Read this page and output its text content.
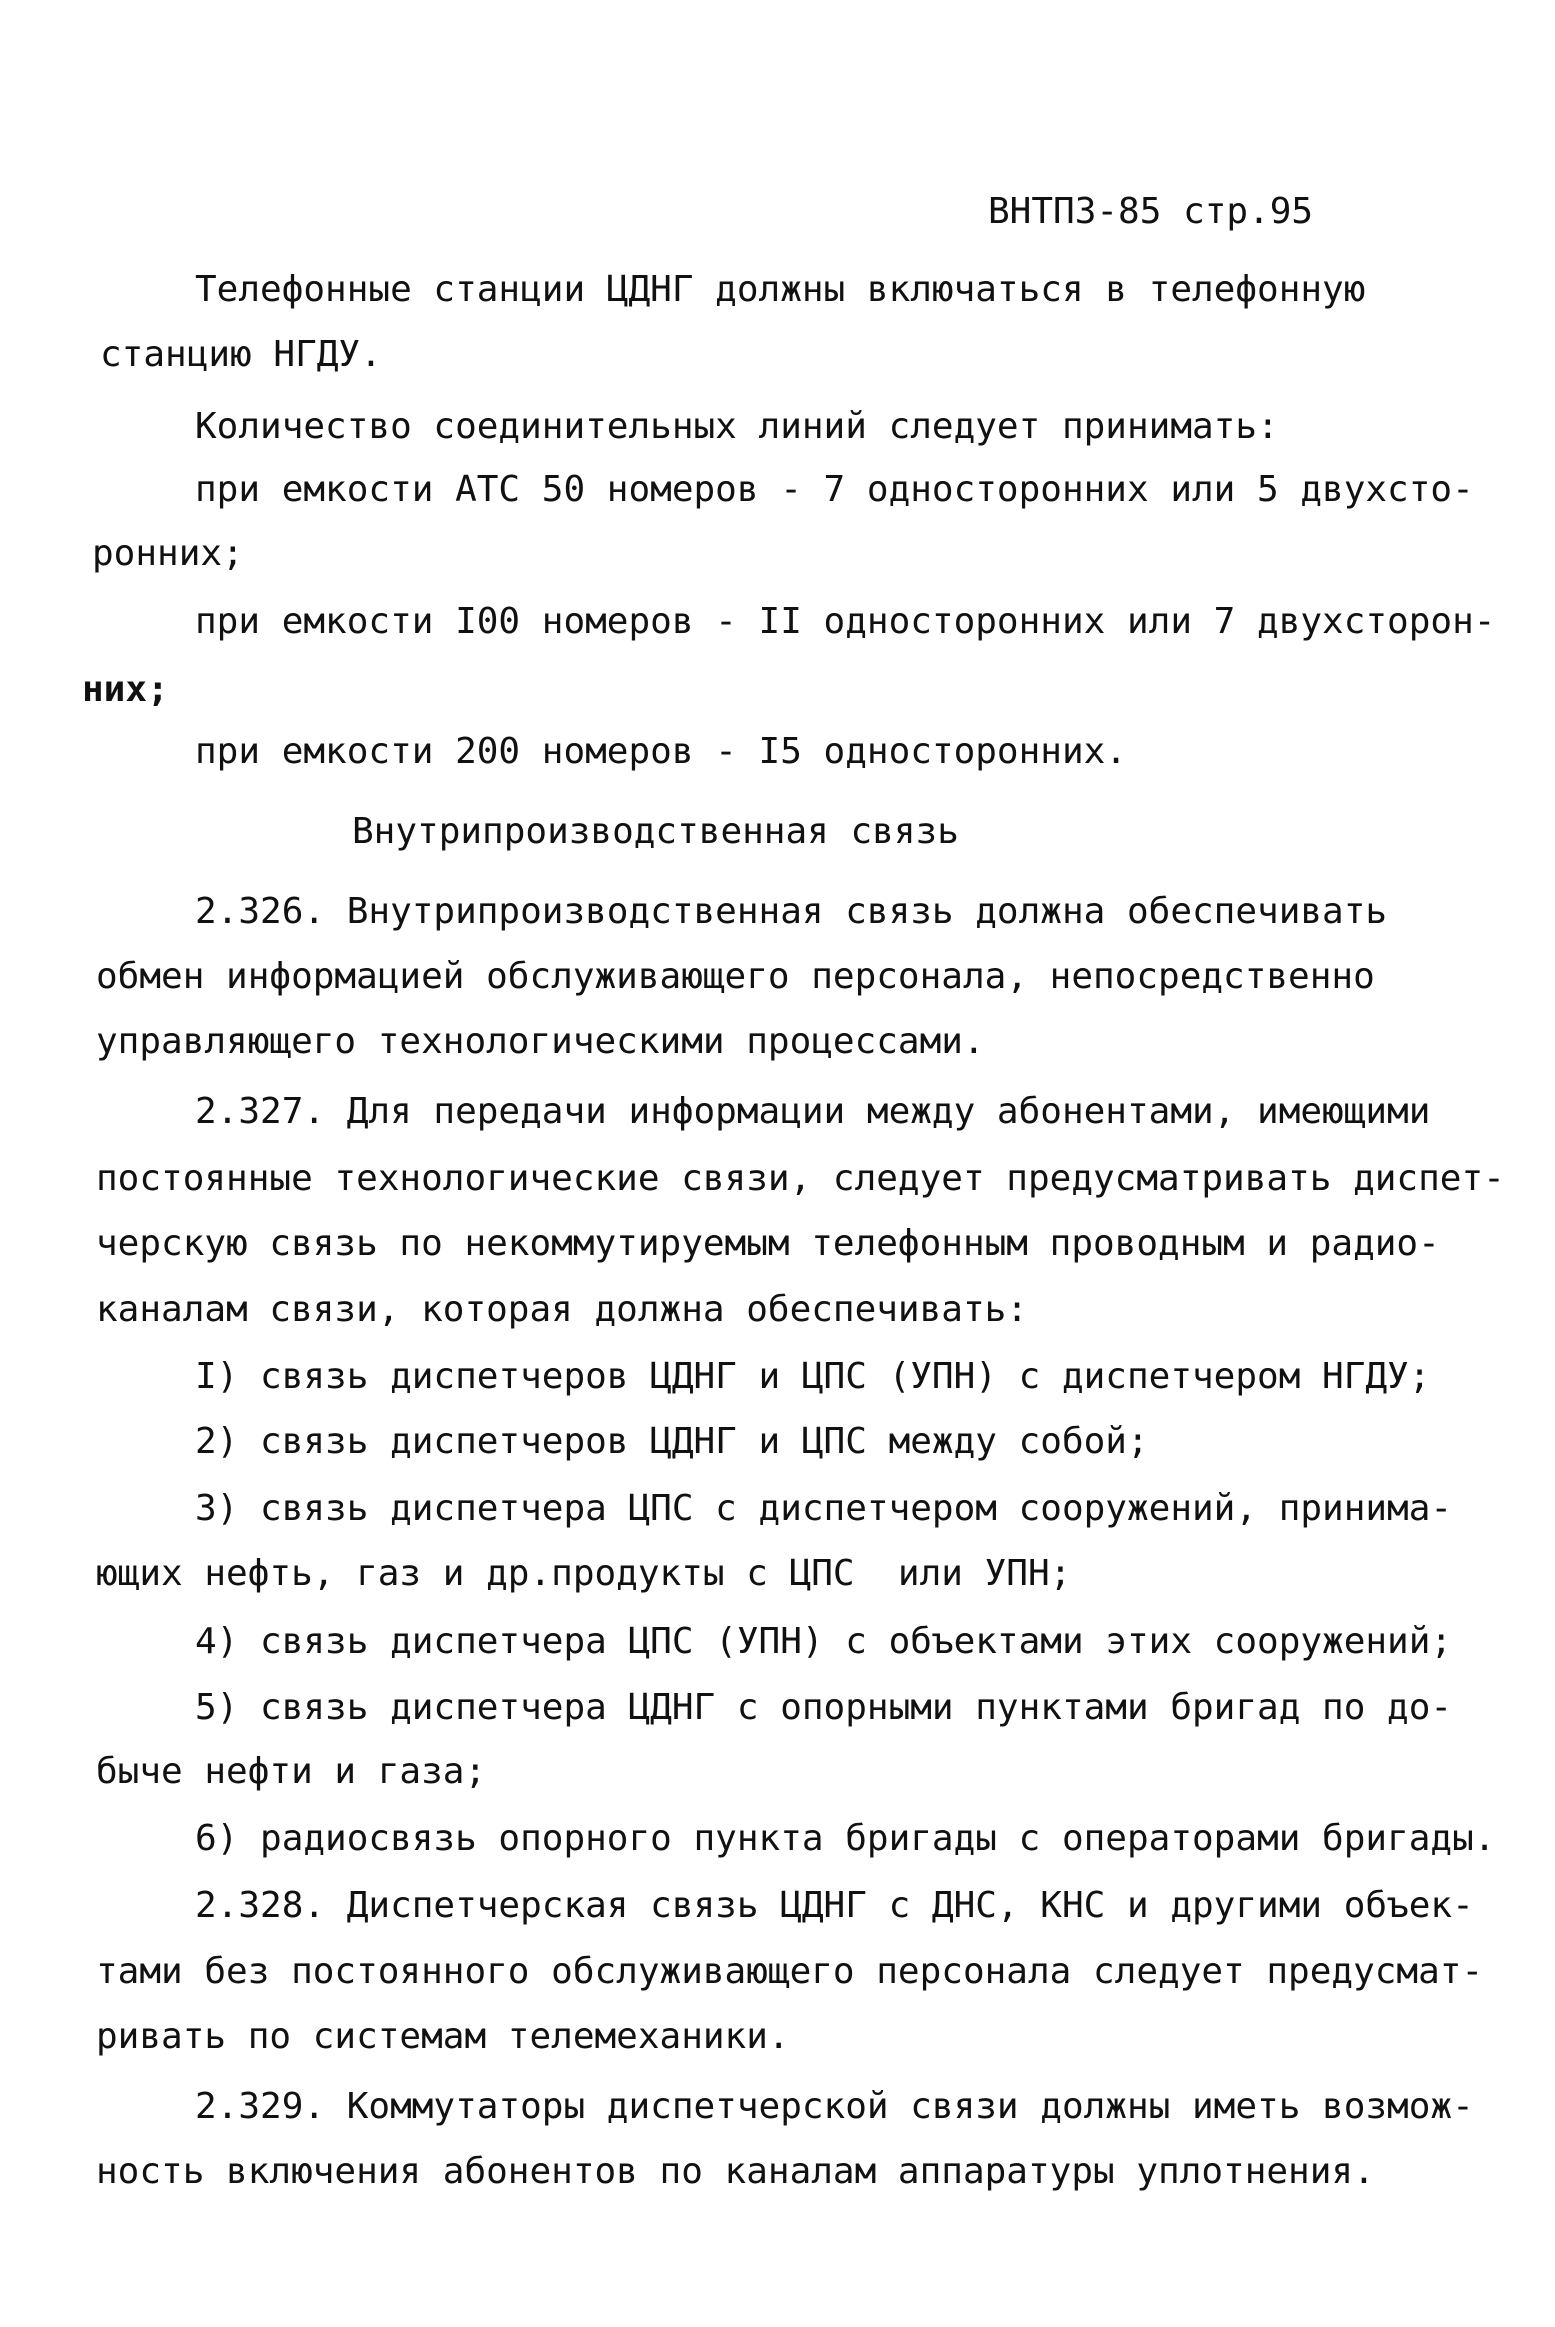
ВНТПЗ-85 стр.95
Телефонные станции ЦДНГ должны включаться в телефонную
станцию НГДУ.
Количество соединительных линий следует принимать:
при емкости АТС 50 номеров - 7 односторонних или 5 двухсто-
ронних;
при емкости I00 номеров - II односторонних или 7 двухсторон-
них;
при емкости 200 номеров - I5 односторонних.
Внутрипроизводственная связь
2.326. Внутрипроизводственная связь должна обеспечивать
обмен информацией обслуживающего персонала, непосредственно
управляющего технологическими процессами.
2.327. Для передачи информации между абонентами, имеющими
постоянные технологические связи, следует предусматривать диспет-
черскую связь по некоммутируемым телефонным проводным и радио-
каналам связи, которая должна обеспечивать:
I) связь диспетчеров ЦДНГ и ЦПС (УПН) с диспетчером НГДУ;
2) связь диспетчеров ЦДНГ и ЦПС между собой;
3) связь диспетчера ЦПС с диспетчером сооружений, принима-
ющих нефть, газ и др.продукты с ЦПС  или УПН;
4) связь диспетчера ЦПС (УПН) с объектами этих сооружений;
5) связь диспетчера ЦДНГ с опорными пунктами бригад по до-
быче нефти и газа;
6) радиосвязь опорного пункта бригады с операторами бригады.
2.328. Диспетчерская связь ЦДНГ с ДНС, КНС и другими объек-
тами без постоянного обслуживающего персонала следует предусмат-
ривать по системам телемеханики.
2.329. Коммутаторы диспетчерской связи должны иметь возмож-
ность включения абонентов по каналам аппаратуры уплотнения.
